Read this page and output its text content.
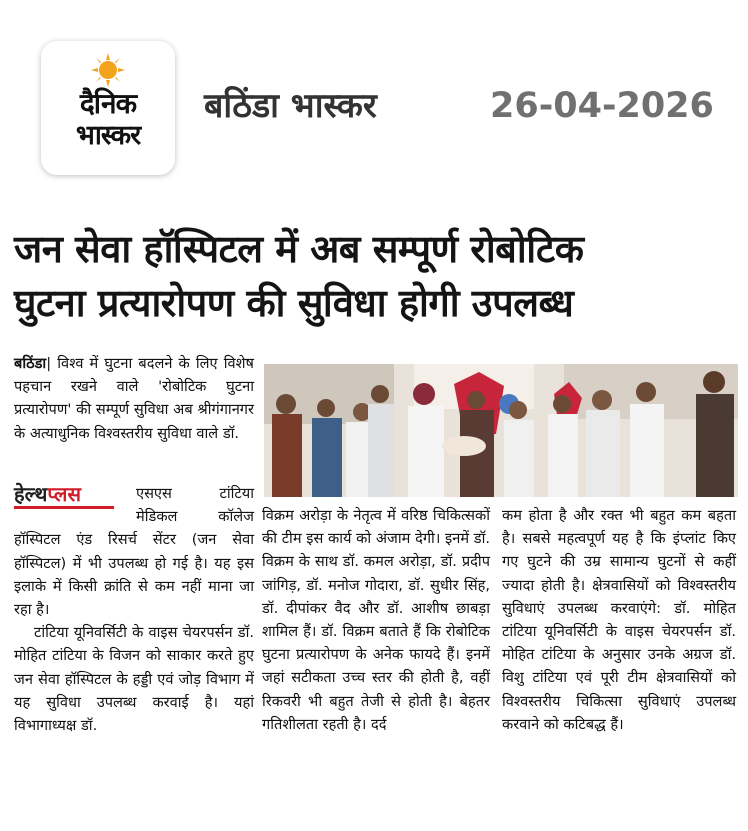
दैनिक
भास्कर
बठिंडा भास्कर	26-04-2026
जन सेवा हॉस्पिटल में अब सम्पूर्ण रोबोटिक
घुटना प्रत्यारोपण की सुविधा होगी उपलब्ध

बठिंडा| विश्व में घुटना बदलने के लिए विशेष पहचान रखने वाले 'रोबोटिक घुटना प्रत्यारोपण' की सम्पूर्ण सुविधा अब श्रीगंगानगर के अत्याधुनिक विश्वस्तरीय सुविधा वाले डॉ.

एसएस टांटिया मेडिकल कॉलेज हॉस्पिटल एंड रिसर्च सेंटर (जन सेवा हॉस्पिटल) में भी उपलब्ध हो गई है। यह इस इलाके में किसी क्रांति से कम नहीं माना जा रहा है।

टांटिया यूनिवर्सिटी के वाइस चेयरपर्सन डॉ. मोहित टांटिया के विजन को साकार करते हुए जन सेवा हॉस्पिटल के हड्डी एवं जोड़ विभाग में यह सुविधा उपलब्ध करवाई है। यहां विभागाध्यक्ष डॉ.

हेल्थप्लस

विक्रम अरोड़ा के नेतृत्व में वरिष्ठ चिकित्सकों की टीम इस कार्य को अंजाम देगी। इनमें डॉ. विक्रम के साथ डॉ. कमल अरोड़ा, डॉ. प्रदीप जांगिड़, डॉ. मनोज गोदारा, डॉ. सुधीर सिंह, डॉ. दीपांकर वैद और डॉ. आशीष छाबड़ा शामिल हैं। डॉ. विक्रम बताते हैं कि रोबोटिक घुटना प्रत्यारोपण के अनेक फायदे हैं। इनमें जहां सटीकता उच्च स्तर की होती है, वहीं रिकवरी भी बहुत तेजी से होती है। बेहतर गतिशीलता रहती है। दर्द

कम होता है और रक्त भी बहुत कम बहता है। सबसे महत्वपूर्ण यह है कि इंप्लांट किए गए घुटने की उम्र सामान्य घुटनों से कहीं ज्यादा होती है। क्षेत्रवासियों को विश्वस्तरीय सुविधाएं उपलब्ध करवाएंगे: डॉ. मोहित टांटिया यूनिवर्सिटी के वाइस चेयरपर्सन डॉ. मोहित टांटिया के अनुसार उनके अग्रज डॉ. विशु टांटिया एवं पूरी टीम क्षेत्रवासियों को विश्वस्तरीय चिकित्सा सुविधाएं उपलब्ध करवाने को कटिबद्ध हैं।
